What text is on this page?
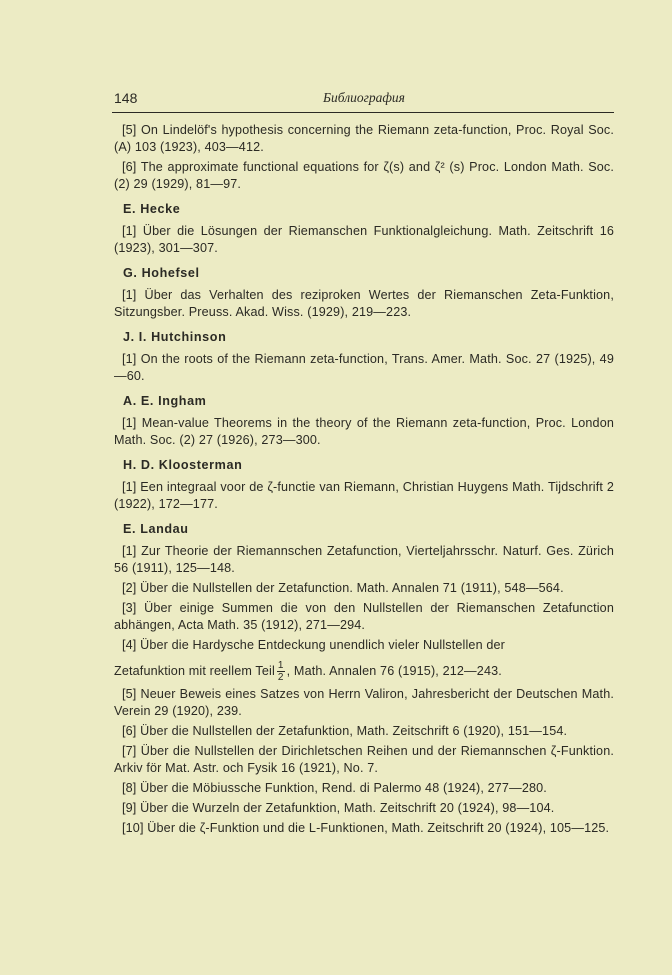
148	Библиография

[5] On Lindelöf's hypothesis concerning the Riemann zeta-function, Proc. Royal Soc. (A) 103 (1923), 403—412.

[6] The approximate functional equations for ζ(s) and ζ² (s) Proc. London Math. Soc. (2) 29 (1929), 81—97.

E. Hecke

[1] Über die Lösungen der Riemanschen Funktionalgleichung. Math. Zeitschrift 16 (1923), 301—307.

G. Hohefsel

[1] Über das Verhalten des reziproken Wertes der Riemanschen Zeta-Funktion, Sitzungsber. Preuss. Akad. Wiss. (1929), 219—223.

J. I. Hutchinson

[1] On the roots of the Riemann zeta-function, Trans. Amer. Math. Soc. 27 (1925), 49—60.

A. E. Ingham

[1] Mean-value Theorems in the theory of the Riemann zeta-function, Proc. London Math. Soc. (2) 27 (1926), 273—300.

H. D. Kloosterman

[1] Een integraal voor de ζ-functie van Riemann, Christian Huygens Math. Tijdschrift 2 (1922), 172—177.

E. Landau

[1] Zur Theorie der Riemannschen Zetafunction, Vierteljahrsschr. Naturf. Ges. Zürich 56 (1911), 125—148.

[2] Über die Nullstellen der Zetafunction. Math. Annalen 71 (1911), 548—564.

[3] Über einige Summen die von den Nullstellen der Riemanschen Zetafunction abhängen, Acta Math. 35 (1912), 271—294.

[4] Über die Hardysche Entdeckung unendlich vieler Nullstellen der

Zetafunktion mit reellem Teil $\frac{1}{2}$ , Math. Annalen 76 (1915), 212—243.

[5] Neuer Beweis eines Satzes von Herrn Valiron, Jahresbericht der Deutschen Math. Verein 29 (1920), 239.

[6] Über die Nullstellen der Zetafunktion, Math. Zeitschrift 6 (1920), 151—154.

[7] Über die Nullstellen der Dirichletschen Reihen und der Riemannschen ζ-Funktion. Arkiv för Mat. Astr. och Fysik 16 (1921), No. 7.

[8] Über die Möbiussche Funktion, Rend. di Palermo 48 (1924), 277—280.

[9] Über die Wurzeln der Zetafunktion, Math. Zeitschrift 20 (1924), 98—104.

[10] Über die ζ-Funktion und die L-Funktionen, Math. Zeitschrift 20 (1924), 105—125.
